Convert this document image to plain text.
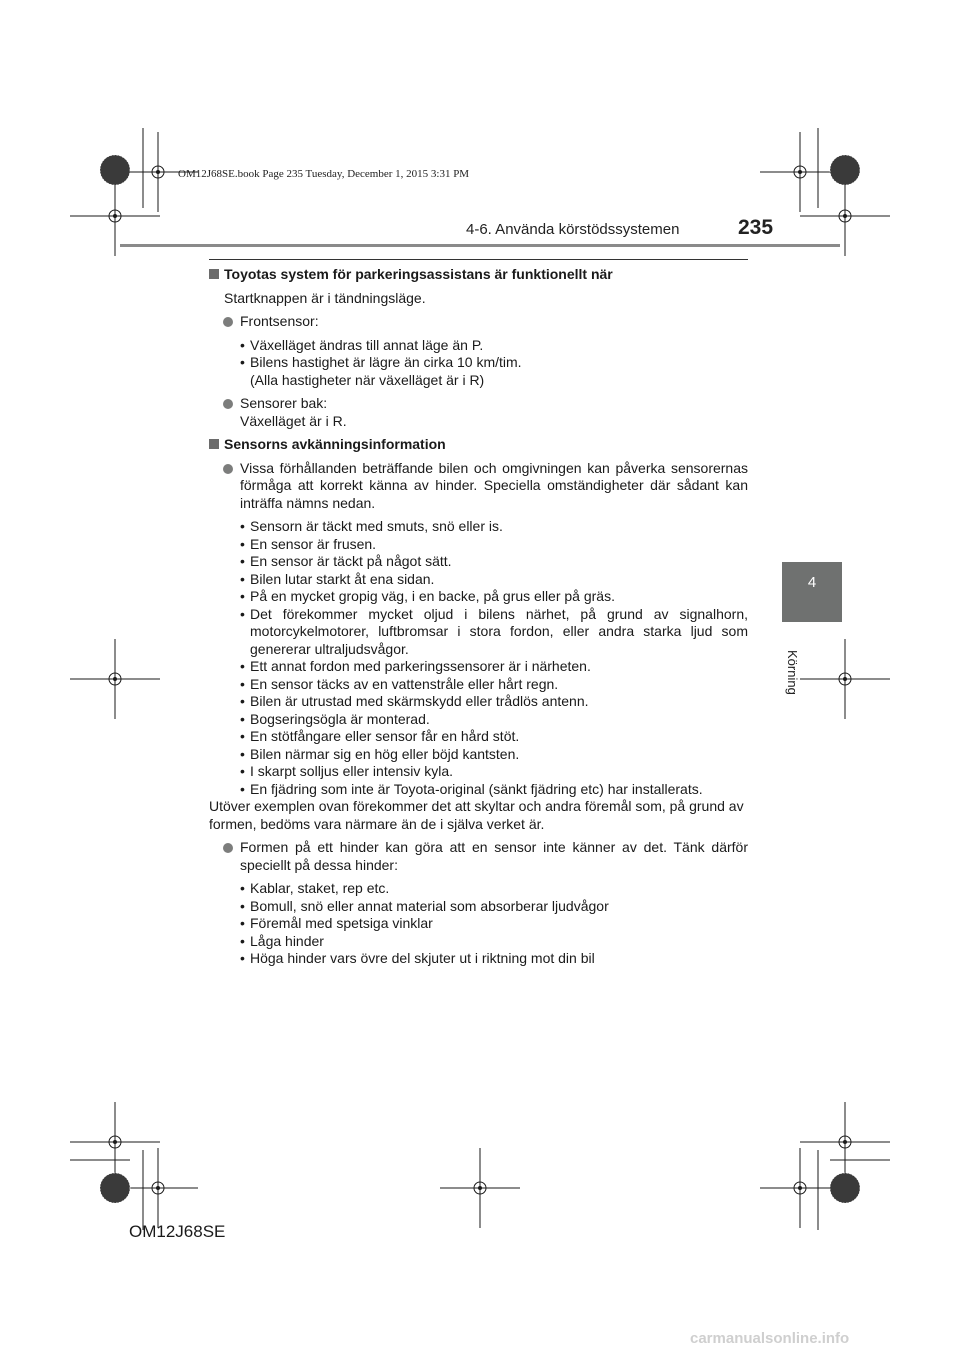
OM12J68SE.book Page 235 Tuesday, December 1, 2015 3:31 PM
4-6. Använda körstödssystemen	235
4
Körning
Toyotas system för parkeringsassistans är funktionellt när
Startknappen är i tändningsläge.
Frontsensor:
• Växelläget ändras till annat läge än P.
• Bilens hastighet är lägre än cirka 10 km/tim.
(Alla hastigheter när växelläget är i R)
Sensorer bak:
Växelläget är i R.
Sensorns avkänningsinformation
Vissa förhållanden beträffande bilen och omgivningen kan påverka sensorernas förmåga att korrekt känna av hinder. Speciella omständigheter där sådant kan inträffa nämns nedan.
• Sensorn är täckt med smuts, snö eller is.
• En sensor är frusen.
• En sensor är täckt på något sätt.
• Bilen lutar starkt åt ena sidan.
• På en mycket gropig väg, i en backe, på grus eller på gräs.
• Det förekommer mycket oljud i bilens närhet, på grund av signalhorn, motorcykelmotorer, luftbromsar i stora fordon, eller andra starka ljud som genererar ultraljudsvågor.
• Ett annat fordon med parkeringssensorer är i närheten.
• En sensor täcks av en vattenstråle eller hårt regn.
• Bilen är utrustad med skärmskydd eller trådlös antenn.
• Bogseringsögla är monterad.
• En stötfångare eller sensor får en hård stöt.
• Bilen närmar sig en hög eller böjd kantsten.
• I skarpt solljus eller intensiv kyla.
• En fjädring som inte är Toyota-original (sänkt fjädring etc) har installerats.
Utöver exemplen ovan förekommer det att skyltar och andra föremål som, på grund av formen, bedöms vara närmare än de i själva verket är.
Formen på ett hinder kan göra att en sensor inte känner av det. Tänk därför speciellt på dessa hinder:
• Kablar, staket, rep etc.
• Bomull, snö eller annat material som absorberar ljudvågor
• Föremål med spetsiga vinklar
• Låga hinder
• Höga hinder vars övre del skjuter ut i riktning mot din bil
OM12J68SE
carmanualsonline.info
